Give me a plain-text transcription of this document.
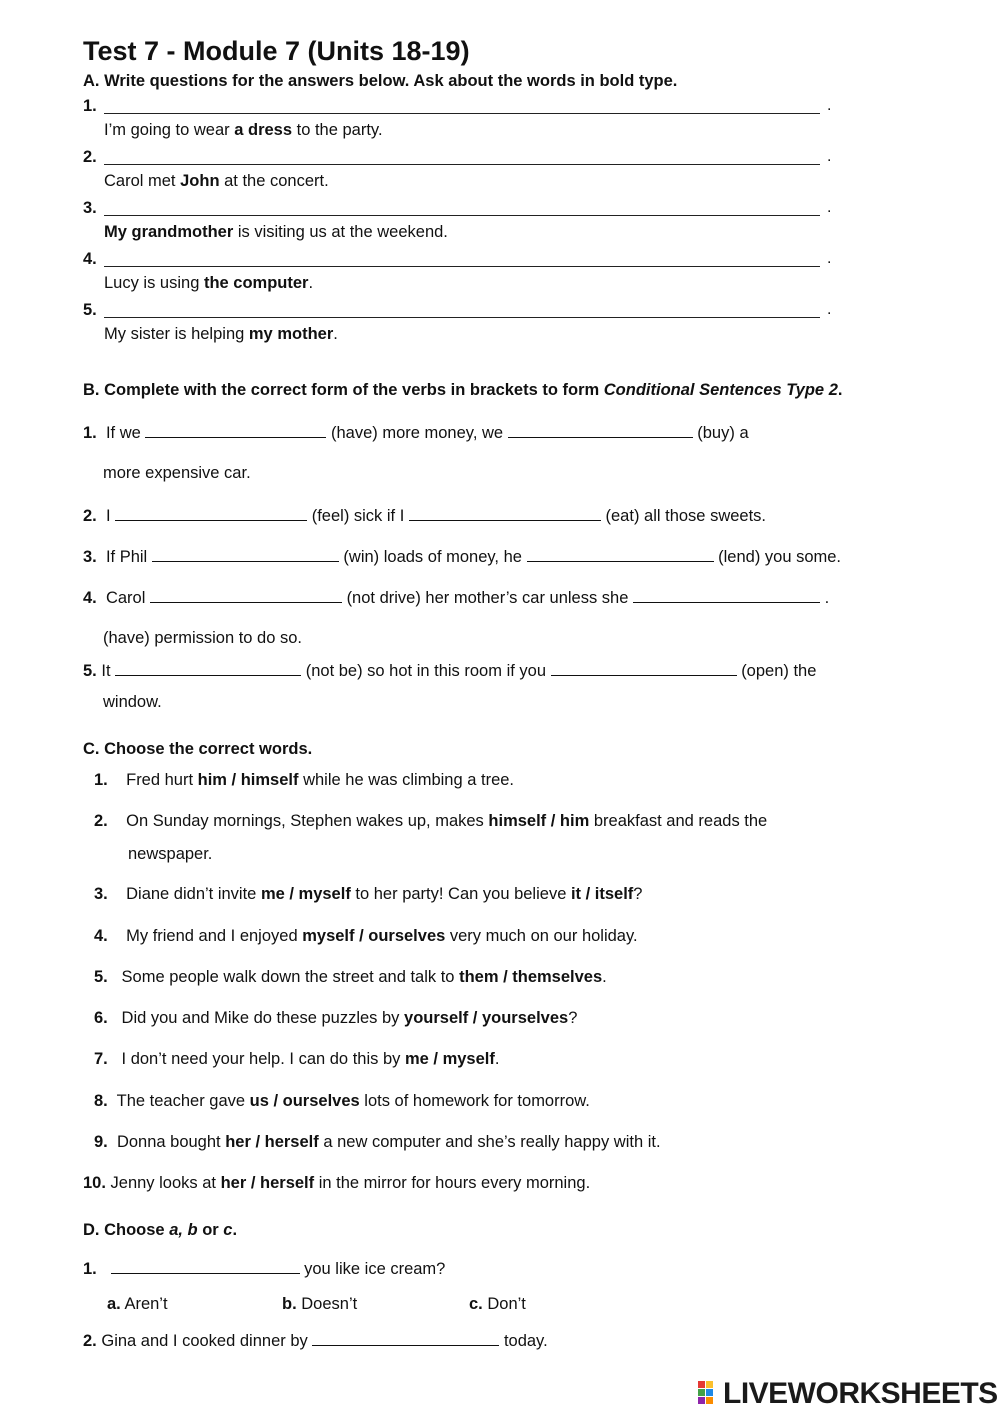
Test 7 - Module 7 (Units 18-19)
A. Write questions for the answers below. Ask about the words in bold type.
1.	.
I’m going to wear a dress to the party.
2.	.
Carol met John at the concert.
3.	.
My grandmother is visiting us at the weekend.
4.	.
Lucy is using the computer.
5.	.
My sister is helping my mother.
B. Complete with the correct form of the verbs in brackets to form Conditional Sentences Type 2.
1. If we	(have) more money, we	(buy) a
more expensive car.
2. I	(feel) sick if I	(eat) all those sweets.
3. If Phil	(win) loads of money, he	(lend) you some.
4. Carol	(not drive) her mother’s car unless she	.
(have) permission to do so.
5. It	(not be) so hot in this room if you	(open) the
window.
C. Choose the correct words.
1. Fred hurt him / himself while he was climbing a tree.
2. On Sunday mornings, Stephen wakes up, makes himself / him breakfast and reads the
newspaper.
3. Diane didn’t invite me / myself to her party! Can you believe it / itself?
4. My friend and I enjoyed myself / ourselves very much on our holiday.
5. Some people walk down the street and talk to them / themselves.
6. Did you and Mike do these puzzles by yourself / yourselves?
7. I don’t need your help. I can do this by me / myself.
8. The teacher gave us / ourselves lots of homework for tomorrow.
9. Donna bought her / herself a new computer and she’s really happy with it.
10. Jenny looks at her / herself in the mirror for hours every morning.
D. Choose a, b or c.
1.	you like ice cream?
a. Aren’t	b. Doesn’t	c. Don’t
2. Gina and I cooked dinner by	today.
LIVEWORKSHEETS
